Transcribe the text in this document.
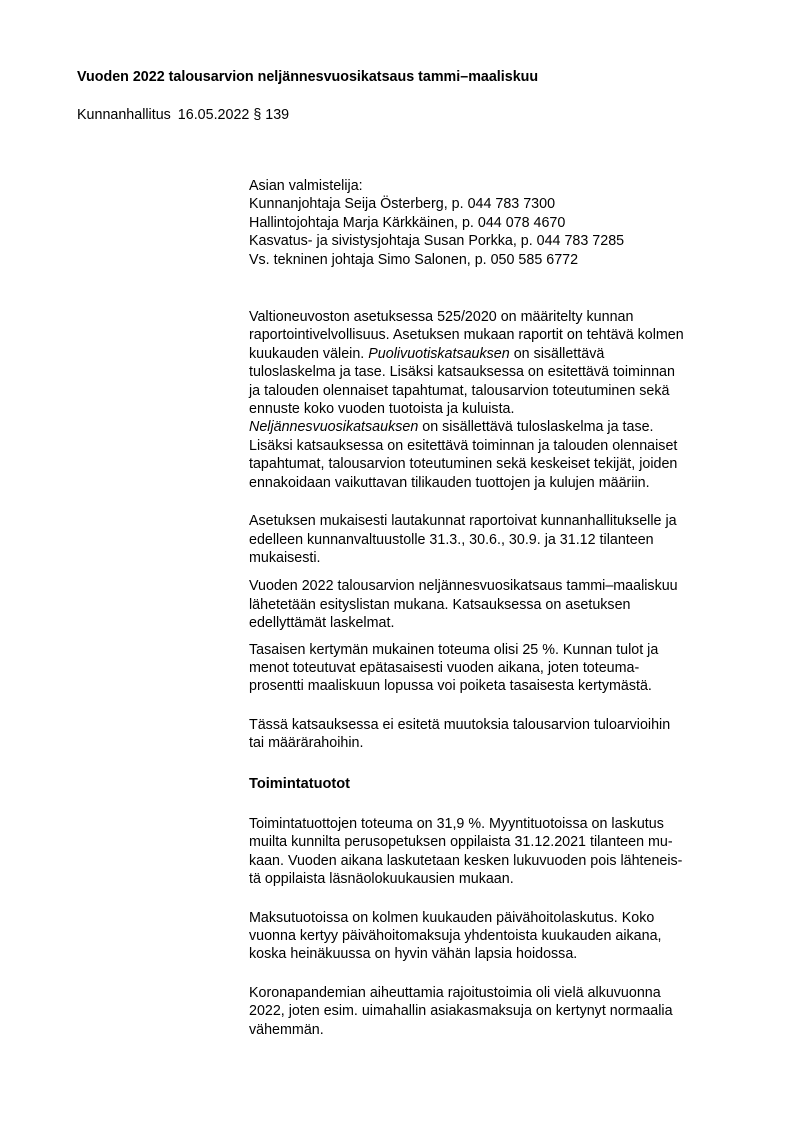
Vuoden 2022 talousarvion neljännesvuosikatsaus tammi–maaliskuu
Kunnanhallitus 16.05.2022 § 139
Asian valmistelija:
Kunnanjohtaja Seija Österberg, p. 044 783 7300
Hallintojohtaja Marja Kärkkäinen, p. 044 078 4670
Kasvatus- ja sivistysjohtaja Susan Porkka, p. 044 783 7285
Vs. tekninen johtaja Simo Salonen, p. 050 585 6772

Valtioneuvoston asetuksessa 525/2020 on määritelty kunnan
raportointivelvollisuus. Asetuksen mukaan raportit on tehtävä kolmen
kuukauden välein. Puolivuotiskatsauksen on sisällettävä
tuloslaskelma ja tase. Lisäksi katsauksessa on esitettävä toiminnan
ja talouden olennaiset tapahtumat, talousarvion toteutuminen sekä
ennuste koko vuoden tuotoista ja kuluista.
Neljännesvuosikatsauksen on sisällettävä tuloslaskelma ja tase.
Lisäksi katsauksessa on esitettävä toiminnan ja talouden olennaiset
tapahtumat, talousarvion toteutuminen sekä keskeiset tekijät, joiden
ennakoidaan vaikuttavan tilikauden tuottojen ja kulujen määriin.

Asetuksen mukaisesti lautakunnat raportoivat kunnanhallitukselle ja
edelleen kunnanvaltuustolle 31.3., 30.6., 30.9. ja 31.12 tilanteen
mukaisesti.

Vuoden 2022 talousarvion neljännesvuosikatsaus tammi–maaliskuu
lähetetään esityslistan mukana. Katsauksessa on asetuksen
edellyttämät laskelmat.

Tasaisen kertymän mukainen toteuma olisi 25 %. Kunnan tulot ja
menot toteutuvat epätasaisesti vuoden aikana, joten toteuma-
prosentti maaliskuun lopussa voi poiketa tasaisesta kertymästä.

Tässä katsauksessa ei esitetä muutoksia talousarvion tuloarvioihin
tai määrärahoihin.

Toimintatuotot

Toimintatuottojen toteuma on 31,9 %. Myyntituotoissa on laskutus
muilta kunnilta perusopetuksen oppilaista 31.12.2021 tilanteen mu-
kaan. Vuoden aikana laskutetaan kesken lukuvuoden pois lähteneis-
tä oppilaista läsnäolokuukausien mukaan.

Maksutuotoissa on kolmen kuukauden päivähoitolaskutus. Koko
vuonna kertyy päivähoitomaksuja yhdentoista kuukauden aikana,
koska heinäkuussa on hyvin vähän lapsia hoidossa.

Koronapandemian aiheuttamia rajoitustoimia oli vielä alkuvuonna
2022, joten esim. uimahallin asiakasmaksuja on kertynyt normaalia
vähemmän.
